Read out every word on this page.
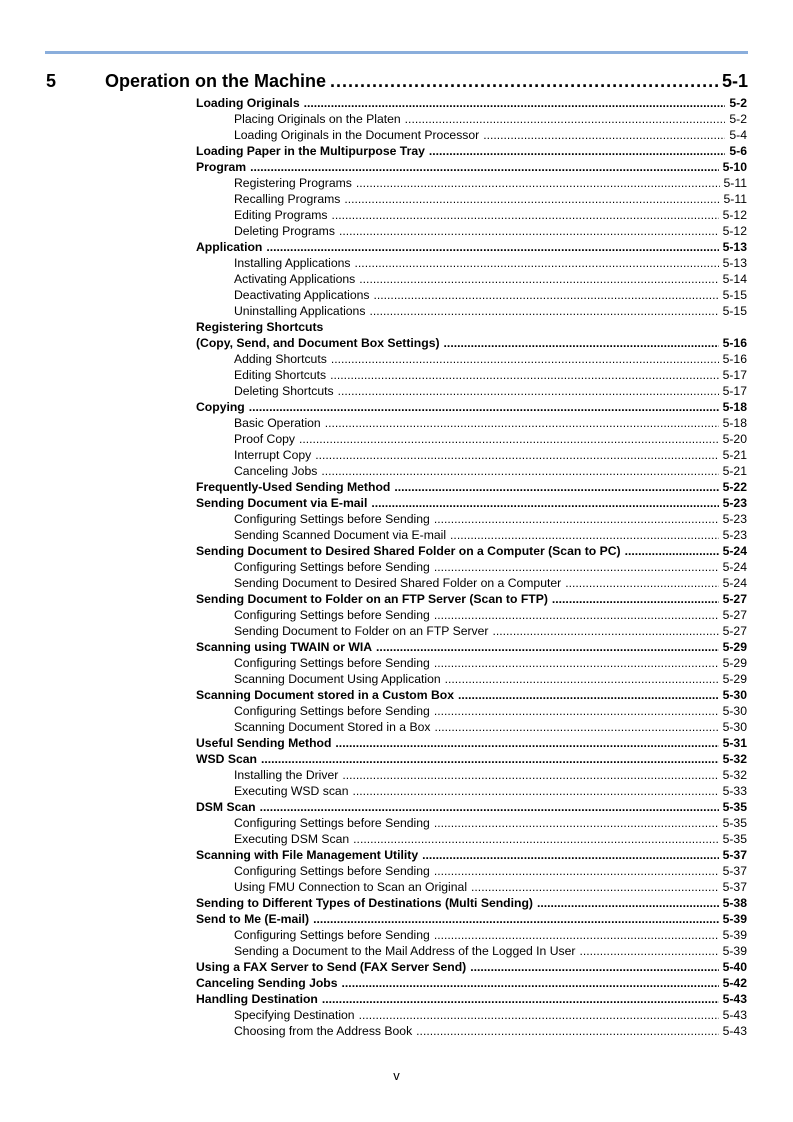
5	Operation on the Machine .....	5-1
Loading Originals .....	5-2
Placing Originals on the Platen .....	5-2
Loading Originals in the Document Processor .....	5-4
Loading Paper in the Multipurpose Tray .....	5-6
Program .....	5-10
Registering Programs .....	5-11
Recalling Programs .....	5-11
Editing Programs .....	5-12
Deleting Programs .....	5-12
Application .....	5-13
Installing Applications .....	5-13
Activating Applications .....	5-14
Deactivating Applications .....	5-15
Uninstalling Applications .....	5-15
Registering Shortcuts
(Copy, Send, and Document Box Settings) .....	5-16
Adding Shortcuts .....	5-16
Editing Shortcuts .....	5-17
Deleting Shortcuts .....	5-17
Copying .....	5-18
Basic Operation .....	5-18
Proof Copy .....	5-20
Interrupt Copy .....	5-21
Canceling Jobs .....	5-21
Frequently-Used Sending Method .....	5-22
Sending Document via E-mail .....	5-23
Configuring Settings before Sending .....	5-23
Sending Scanned Document via E-mail .....	5-23
Sending Document to Desired Shared Folder on a Computer (Scan to PC) .....	5-24
Configuring Settings before Sending .....	5-24
Sending Document to Desired Shared Folder on a Computer .....	5-24
Sending Document to Folder on an FTP Server (Scan to FTP) .....	5-27
Configuring Settings before Sending .....	5-27
Sending Document to Folder on an FTP Server .....	5-27
Scanning using TWAIN or WIA .....	5-29
Configuring Settings before Sending .....	5-29
Scanning Document Using Application .....	5-29
Scanning Document stored in a Custom Box .....	5-30
Configuring Settings before Sending .....	5-30
Scanning Document Stored in a Box .....	5-30
Useful Sending Method .....	5-31
WSD Scan .....	5-32
Installing the Driver .....	5-32
Executing WSD scan .....	5-33
DSM Scan .....	5-35
Configuring Settings before Sending .....	5-35
Executing DSM Scan .....	5-35
Scanning with File Management Utility .....	5-37
Configuring Settings before Sending .....	5-37
Using FMU Connection to Scan an Original .....	5-37
Sending to Different Types of Destinations (Multi Sending) .....	5-38
Send to Me (E-mail) .....	5-39
Configuring Settings before Sending .....	5-39
Sending a Document to the Mail Address of the Logged In User .....	5-39
Using a FAX Server to Send (FAX Server Send) .....	5-40
Canceling Sending Jobs .....	5-42
Handling Destination .....	5-43
Specifying Destination .....	5-43
Choosing from the Address Book .....	5-43
v
